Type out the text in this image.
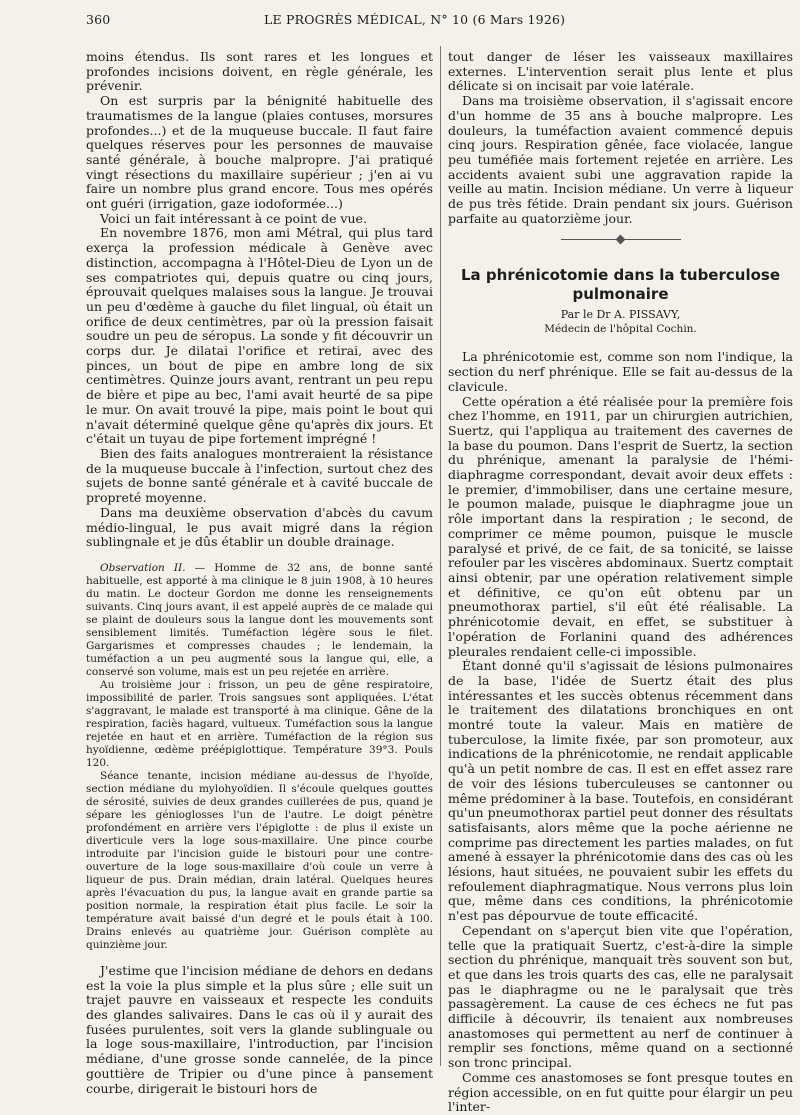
360	LE PROGRÈS MÉDICAL, N° 10 (6 Mars 1926)

moins étendus. Ils sont rares et les longues et profondes incisions doivent, en règle générale, les prévenir.

On est surpris par la bénignité habituelle des traumatismes de la langue (plaies contuses, morsures profondes...) et de la muqueuse buccale. Il faut faire quelques réserves pour les personnes de mauvaise santé générale, à bouche malpropre. J'ai pratiqué vingt résections du maxillaire supérieur ; j'en ai vu faire un nombre plus grand encore. Tous mes opérés ont guéri (irrigation, gaze iodoformée...)

Voici un fait intéressant à ce point de vue.

En novembre 1876, mon ami Métral, qui plus tard exerça la profession médicale à Genève avec distinction, accompagna à l'Hôtel-Dieu de Lyon un de ses compatriotes qui, depuis quatre ou cinq jours, éprouvait quelques malaises sous la langue. Je trouvai un peu d'œdème à gauche du filet lingual, où était un orifice de deux centimètres, par où la pression faisait soudre un peu de séropus. La sonde y fit découvrir un corps dur. Je dilatai l'orifice et retirai, avec des pinces, un bout de pipe en ambre long de six centimètres. Quinze jours avant, rentrant un peu repu de bière et pipe au bec, l'ami avait heurté de sa pipe le mur. On avait trouvé la pipe, mais point le bout qui n'avait déterminé quelque gêne qu'après dix jours. Et c'était un tuyau de pipe fortement imprégné !

Bien des faits analogues montreraient la résistance de la muqueuse buccale à l'infection, surtout chez des sujets de bonne santé générale et à cavité buccale de propreté moyenne.

Dans ma deuxième observation d'abcès du cavum médio-lingual, le pus avait migré dans la région sublingnale et je dûs établir un double drainage.

Observation II. — Homme de 32 ans, de bonne santé habituelle, est apporté à ma clinique le 8 juin 1908, à 10 heures du matin. Le docteur Gordon me donne les renseignements suivants. Cinq jours avant, il est appelé auprès de ce malade qui se plaint de douleurs sous la langue dont les mouvements sont sensiblement limités. Tuméfaction légère sous le filet. Gargarismes et compresses chaudes ; le lendemain, la tuméfaction a un peu augmenté sous la langue qui, elle, a conservé son volume, mais est un peu rejetée en arrière.

Au troisième jour : frisson, un peu de gêne respiratoire, impossibilité de parler. Trois sangsues sont appliquées. L'état s'aggravant, le malade est transporté à ma clinique. Gêne de la respiration, faciès hagard, vultueux. Tuméfaction sous la langue rejetée en haut et en arrière. Tuméfaction de la région sus hyoïdienne, œdème préépiglottique. Température 39°3. Pouls 120.

Séance tenante, incision médiane au-dessus de l'hyoïde, section médiane du mylohyoïdien. Il s'écoule quelques gouttes de sérosité, suivies de deux grandes cuillerées de pus, quand je sépare les génioglosses l'un de l'autre. Le doigt pénètre profondément en arrière vers l'épiglotte : de plus il existe un diverticule vers la loge sous-maxillaire. Une pince courbe introduite par l'incision guide le bistouri pour une contre-ouverture de la loge sous-maxillaire d'où coule un verre à liqueur de pus. Drain médian, drain latéral. Quelques heures après l'évacuation du pus, la langue avait en grande partie sa position normale, la respiration était plus facile. Le soir la température avait baissé d'un degré et le pouls était à 100. Drains enlevés au quatrième jour. Guérison complète au quinzième jour.

J'estime que l'incision médiane de dehors en dedans est la voie la plus simple et la plus sûre ; elle suit un trajet pauvre en vaisseaux et respecte les conduits des glandes salivaires. Dans le cas où il y aurait des fusées purulentes, soit vers la glande sublinguale ou la loge sous-maxillaire, l'introduction, par l'incision médiane, d'une grosse sonde cannelée, de la pince gouttière de Tripier ou d'une pince à pansement courbe, dirigerait le bistouri hors de

tout danger de léser les vaisseaux maxillaires externes. L'intervention serait plus lente et plus délicate si on incisait par voie latérale.

Dans ma troisième observation, il s'agissait encore d'un homme de 35 ans à bouche malpropre. Les douleurs, la tuméfaction avaient commencé depuis cinq jours. Respiration gênée, face violacée, langue peu tuméfiée mais fortement rejetée en arrière. Les accidents avaient subi une aggravation rapide la veille au matin. Incision médiane. Un verre à liqueur de pus très fétide. Drain pendant six jours. Guérison parfaite au quatorzième jour.

La phrénicotomie dans la tuberculose pulmonaire
Par le Dr A. PISSAVY,
Médecin de l'hôpital Cochin.

La phrénicotomie est, comme son nom l'indique, la section du nerf phrénique. Elle se fait au-dessus de la clavicule.

Cette opération a été réalisée pour la première fois chez l'homme, en 1911, par un chirurgien autrichien, Suertz, qui l'appliqua au traitement des cavernes de la base du poumon. Dans l'esprit de Suertz, la section du phrénique, amenant la paralysie de l'hémi-diaphragme correspondant, devait avoir deux effets : le premier, d'immobiliser, dans une certaine mesure, le poumon malade, puisque le diaphragme joue un rôle important dans la respiration ; le second, de comprimer ce même poumon, puisque le muscle paralysé et privé, de ce fait, de sa tonicité, se laisse refouler par les viscères abdominaux. Suertz comptait ainsi obtenir, par une opération relativement simple et définitive, ce qu'on eût obtenu par un pneumothorax partiel, s'il eût été réalisable. La phrénicotomie devait, en effet, se substituer à l'opération de Forlanini quand des adhérences pleurales rendaient celle-ci impossible.

Étant donné qu'il s'agissait de lésions pulmonaires de la base, l'idée de Suertz était des plus intéressantes et les succès obtenus récemment dans le traitement des dilatations bronchiques en ont montré toute la valeur. Mais en matière de tuberculose, la limite fixée, par son promoteur, aux indications de la phrénicotomie, ne rendait applicable qu'à un petit nombre de cas. Il est en effet assez rare de voir des lésions tuberculeuses se cantonner ou même prédominer à la base. Toutefois, en considérant qu'un pneumothorax partiel peut donner des résultats satisfaisants, alors même que la poche aérienne ne comprime pas directement les parties malades, on fut amené à essayer la phrénicotomie dans des cas où les lésions, haut situées, ne pouvaient subir les effets du refoulement diaphragmatique. Nous verrons plus loin que, même dans ces conditions, la phrénicotomie n'est pas dépourvue de toute efficacité.

Cependant on s'aperçut bien vite que l'opération, telle que la pratiquait Suertz, c'est-à-dire la simple section du phrénique, manquait très souvent son but, et que dans les trois quarts des cas, elle ne paralysait pas le diaphragme ou ne le paralysait que très passagèrement. La cause de ces échecs ne fut pas difficile à découvrir, ils tenaient aux nombreuses anastomoses qui permettent au nerf de continuer à remplir ses fonctions, même quand on a sectionné son tronc principal.

Comme ces anastomoses se font presque toutes en région accessible, on en fut quitte pour élargir un peu l'inter-
